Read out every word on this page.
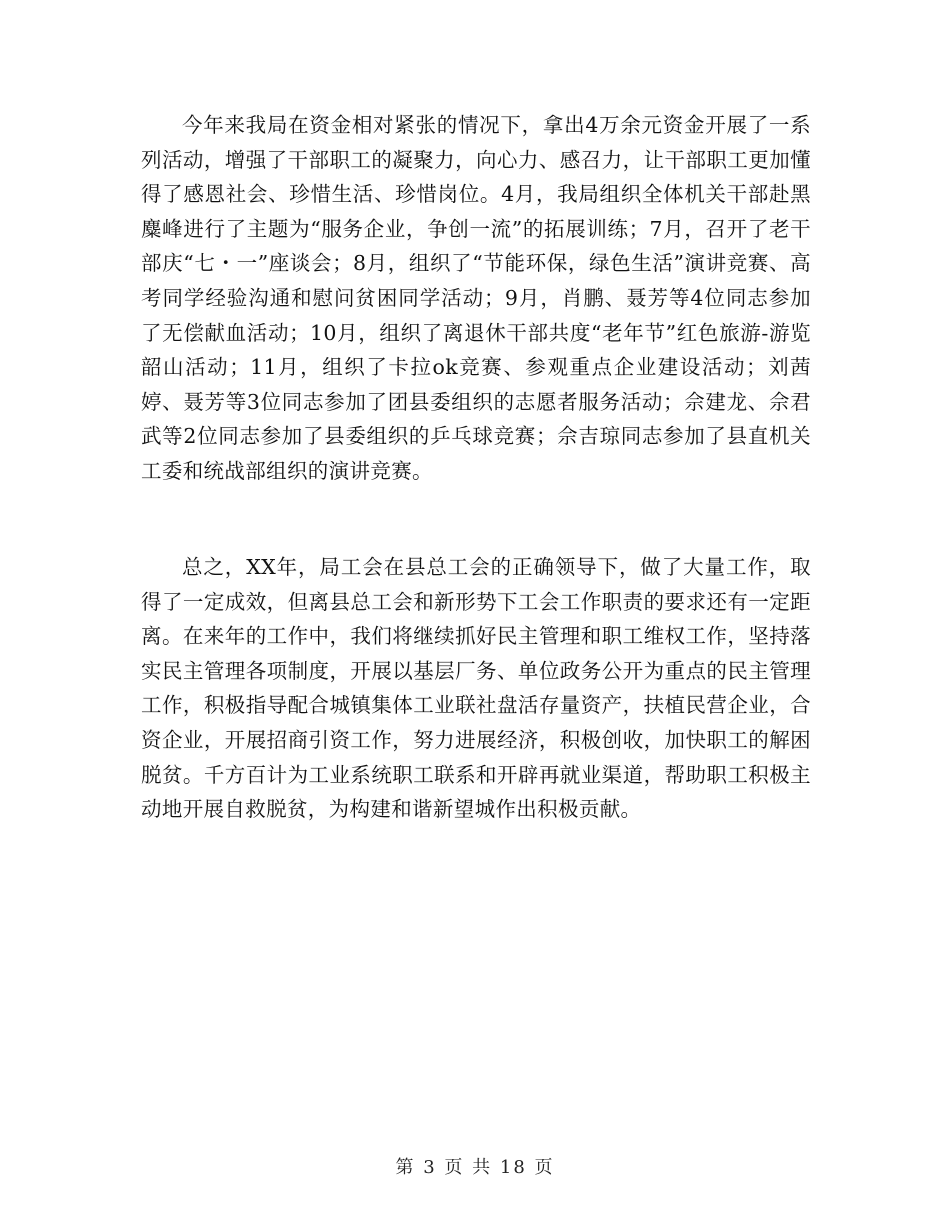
今年来我局在资金相对紧张的情况下，拿出4万余元资金开展了一系列活动，增强了干部职工的凝聚力，向心力、感召力，让干部职工更加懂得了感恩社会、珍惜生活、珍惜岗位。4月，我局组织全体机关干部赴黑麋峰进行了主题为“服务企业，争创一流”的拓展训练；7月，召开了老干部庆“七・一”座谈会；8月，组织了“节能环保，绿色生活”演讲竞赛、高考同学经验沟通和慰问贫困同学活动；9月，肖鹏、聂芳等4位同志参加了无偿献血活动；10月，组织了离退休干部共度“老年节”红色旅游-游览韶山活动；11月，组织了卡拉ok竞赛、参观重点企业建设活动；刘茜婷、聂芳等3位同志参加了团县委组织的志愿者服务活动；佘建龙、佘君武等2位同志参加了县委组织的乒乓球竞赛；佘吉琼同志参加了县直机关工委和统战部组织的演讲竞赛。

总之，XX年，局工会在县总工会的正确领导下，做了大量工作，取得了一定成效，但离县总工会和新形势下工会工作职责的要求还有一定距离。在来年的工作中，我们将继续抓好民主管理和职工维权工作，坚持落实民主管理各项制度，开展以基层厂务、单位政务公开为重点的民主管理工作，积极指导配合城镇集体工业联社盘活存量资产，扶植民营企业，合资企业，开展招商引资工作，努力进展经济，积极创收，加快职工的解困脱贫。千方百计为工业系统职工联系和开辟再就业渠道，帮助职工积极主动地开展自救脱贫，为构建和谐新望城作出积极贡献。

第 3 页 共 18 页
